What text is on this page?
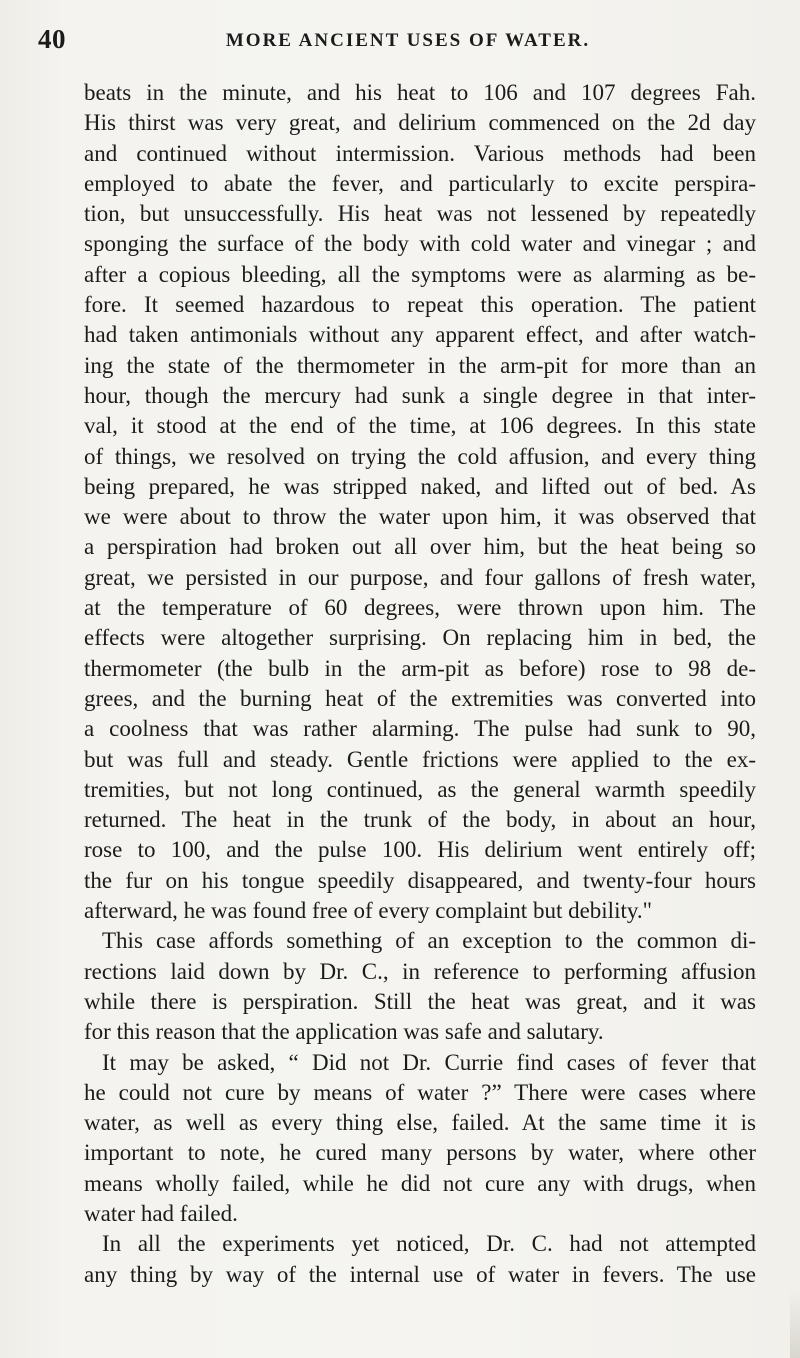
40	MORE ANCIENT USES OF WATER.
beats in the minute, and his heat to 106 and 107 degrees Fah.
His thirst was very great, and delirium commenced on the 2d day
and continued without intermission. Various methods had been
employed to abate the fever, and particularly to excite perspira-
tion, but unsuccessfully. His heat was not lessened by repeatedly
sponging the surface of the body with cold water and vinegar ; and
after a copious bleeding, all the symptoms were as alarming as be-
fore. It seemed hazardous to repeat this operation. The patient
had taken antimonials without any apparent effect, and after watch-
ing the state of the thermometer in the arm-pit for more than an
hour, though the mercury had sunk a single degree in that inter-
val, it stood at the end of the time, at 106 degrees. In this state
of things, we resolved on trying the cold affusion, and every thing
being prepared, he was stripped naked, and lifted out of bed. As
we were about to throw the water upon him, it was observed that
a perspiration had broken out all over him, but the heat being so
great, we persisted in our purpose, and four gallons of fresh water,
at the temperature of 60 degrees, were thrown upon him. The
effects were altogether surprising. On replacing him in bed, the
thermometer (the bulb in the arm-pit as before) rose to 98 de-
grees, and the burning heat of the extremities was converted into
a coolness that was rather alarming. The pulse had sunk to 90,
but was full and steady. Gentle frictions were applied to the ex-
tremities, but not long continued, as the general warmth speedily
returned. The heat in the trunk of the body, in about an hour,
rose to 100, and the pulse 100. His delirium went entirely off;
the fur on his tongue speedily disappeared, and twenty-four hours
afterward, he was found free of every complaint but debility."
This case affords something of an exception to the common di-
rections laid down by Dr. C., in reference to performing affusion
while there is perspiration. Still the heat was great, and it was
for this reason that the application was safe and salutary.
It may be asked, “ Did not Dr. Currie find cases of fever that
he could not cure by means of water ?” There were cases where
water, as well as every thing else, failed. At the same time it is
important to note, he cured many persons by water, where other
means wholly failed, while he did not cure any with drugs, when
water had failed.
In all the experiments yet noticed, Dr. C. had not attempted
any thing by way of the internal use of water in fevers. The use
